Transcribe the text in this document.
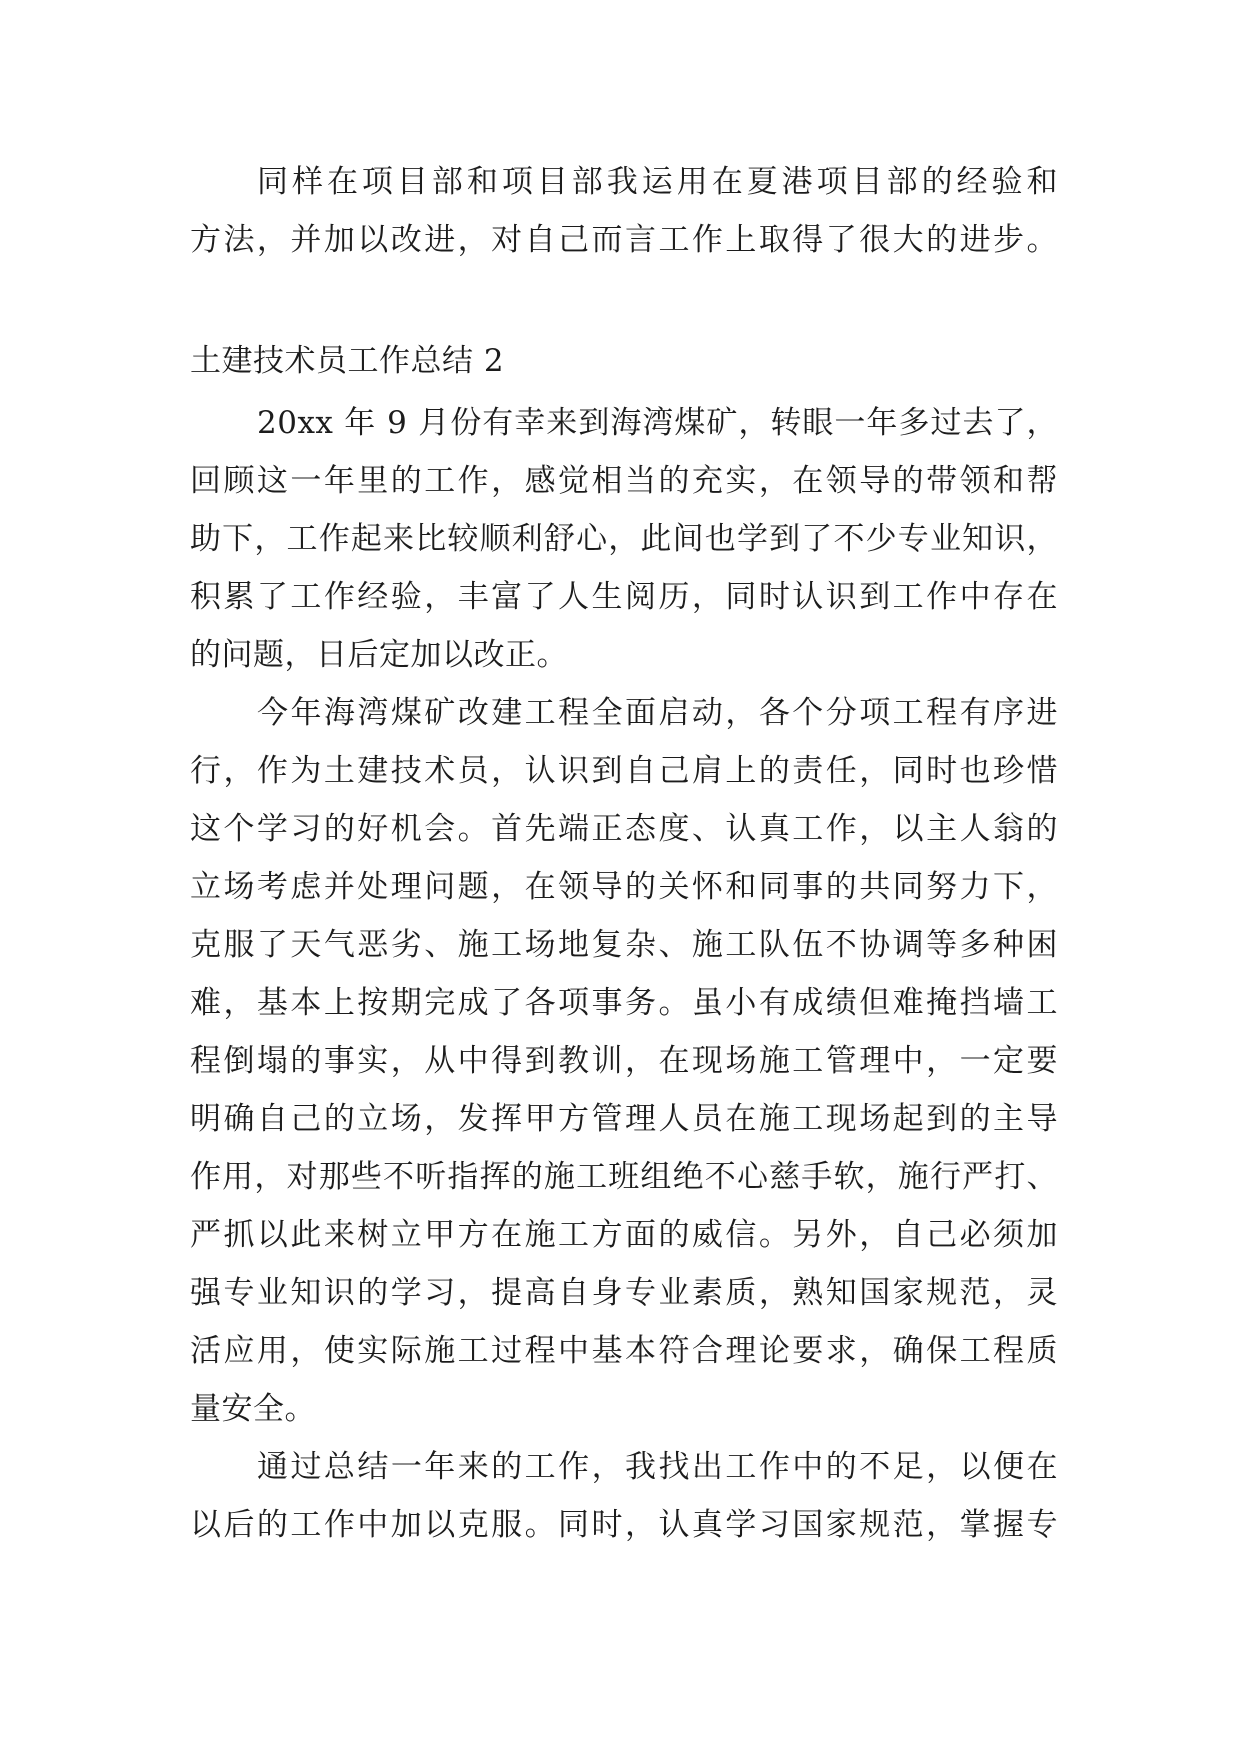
同样在项目部和项目部我运用在夏港项目部的经验和
方法，并加以改进，对自己而言工作上取得了很大的进步。
土建技术员工作总结 2
20xx 年 9 月份有幸来到海湾煤矿，转眼一年多过去了，
回顾这一年里的工作，感觉相当的充实，在领导的带领和帮
助下，工作起来比较顺利舒心，此间也学到了不少专业知识，
积累了工作经验，丰富了人生阅历，同时认识到工作中存在
的问题，日后定加以改正。
今年海湾煤矿改建工程全面启动，各个分项工程有序进
行，作为土建技术员，认识到自己肩上的责任，同时也珍惜
这个学习的好机会。首先端正态度、认真工作，以主人翁的
立场考虑并处理问题，在领导的关怀和同事的共同努力下，
克服了天气恶劣、施工场地复杂、施工队伍不协调等多种困
难，基本上按期完成了各项事务。虽小有成绩但难掩挡墙工
程倒塌的事实，从中得到教训，在现场施工管理中，一定要
明确自己的立场，发挥甲方管理人员在施工现场起到的主导
作用，对那些不听指挥的施工班组绝不心慈手软，施行严打、
严抓以此来树立甲方在施工方面的威信。另外，自己必须加
强专业知识的学习，提高自身专业素质，熟知国家规范，灵
活应用，使实际施工过程中基本符合理论要求，确保工程质
量安全。
通过总结一年来的工作，我找出工作中的不足，以便在
以后的工作中加以克服。同时，认真学习国家规范，掌握专
